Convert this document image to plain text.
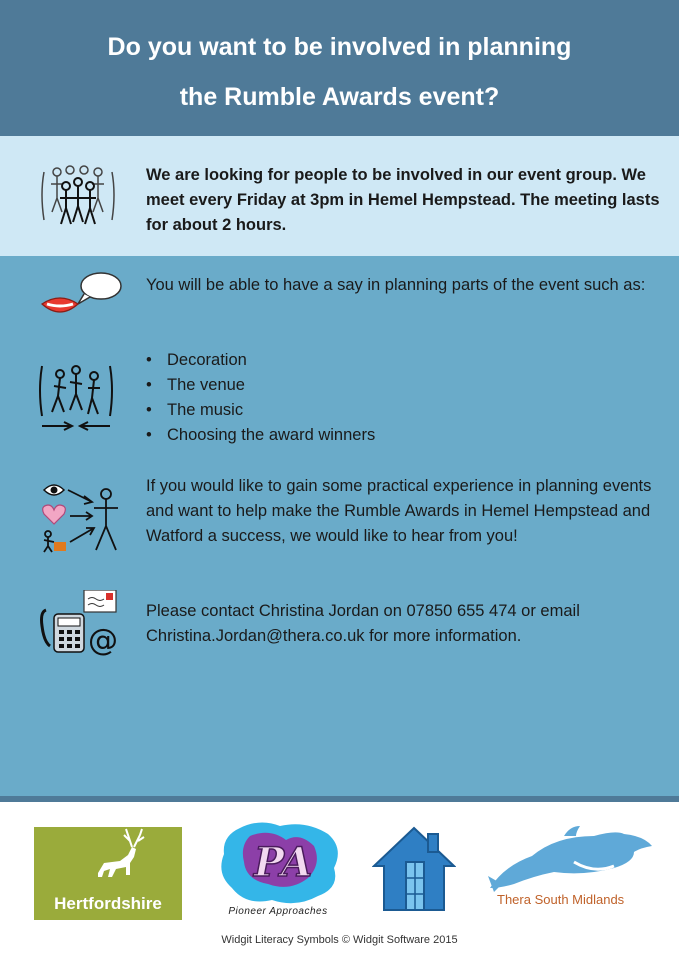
Do you want to be involved in planning
the Rumble Awards event?
We are looking for people to be involved in our event group. We meet every Friday at 3pm in Hemel Hempstead. The meeting lasts for about 2 hours.
You will be able to have a say in planning parts of the event such as:
• Decoration
• The venue
• The music
• Choosing the award winners
If you would like to gain some practical experience in planning events and want to help make the Rumble Awards in Hemel Hempstead and Watford a success, we would like to hear from you!
@
Please contact Christina Jordan on 07850 655 474 or email Christina.Jordan@thera.co.uk for more information.
Hertfordshire
PA
Pioneer Approaches
Thera South Midlands
Widgit Literacy Symbols © Widgit Software 2015
